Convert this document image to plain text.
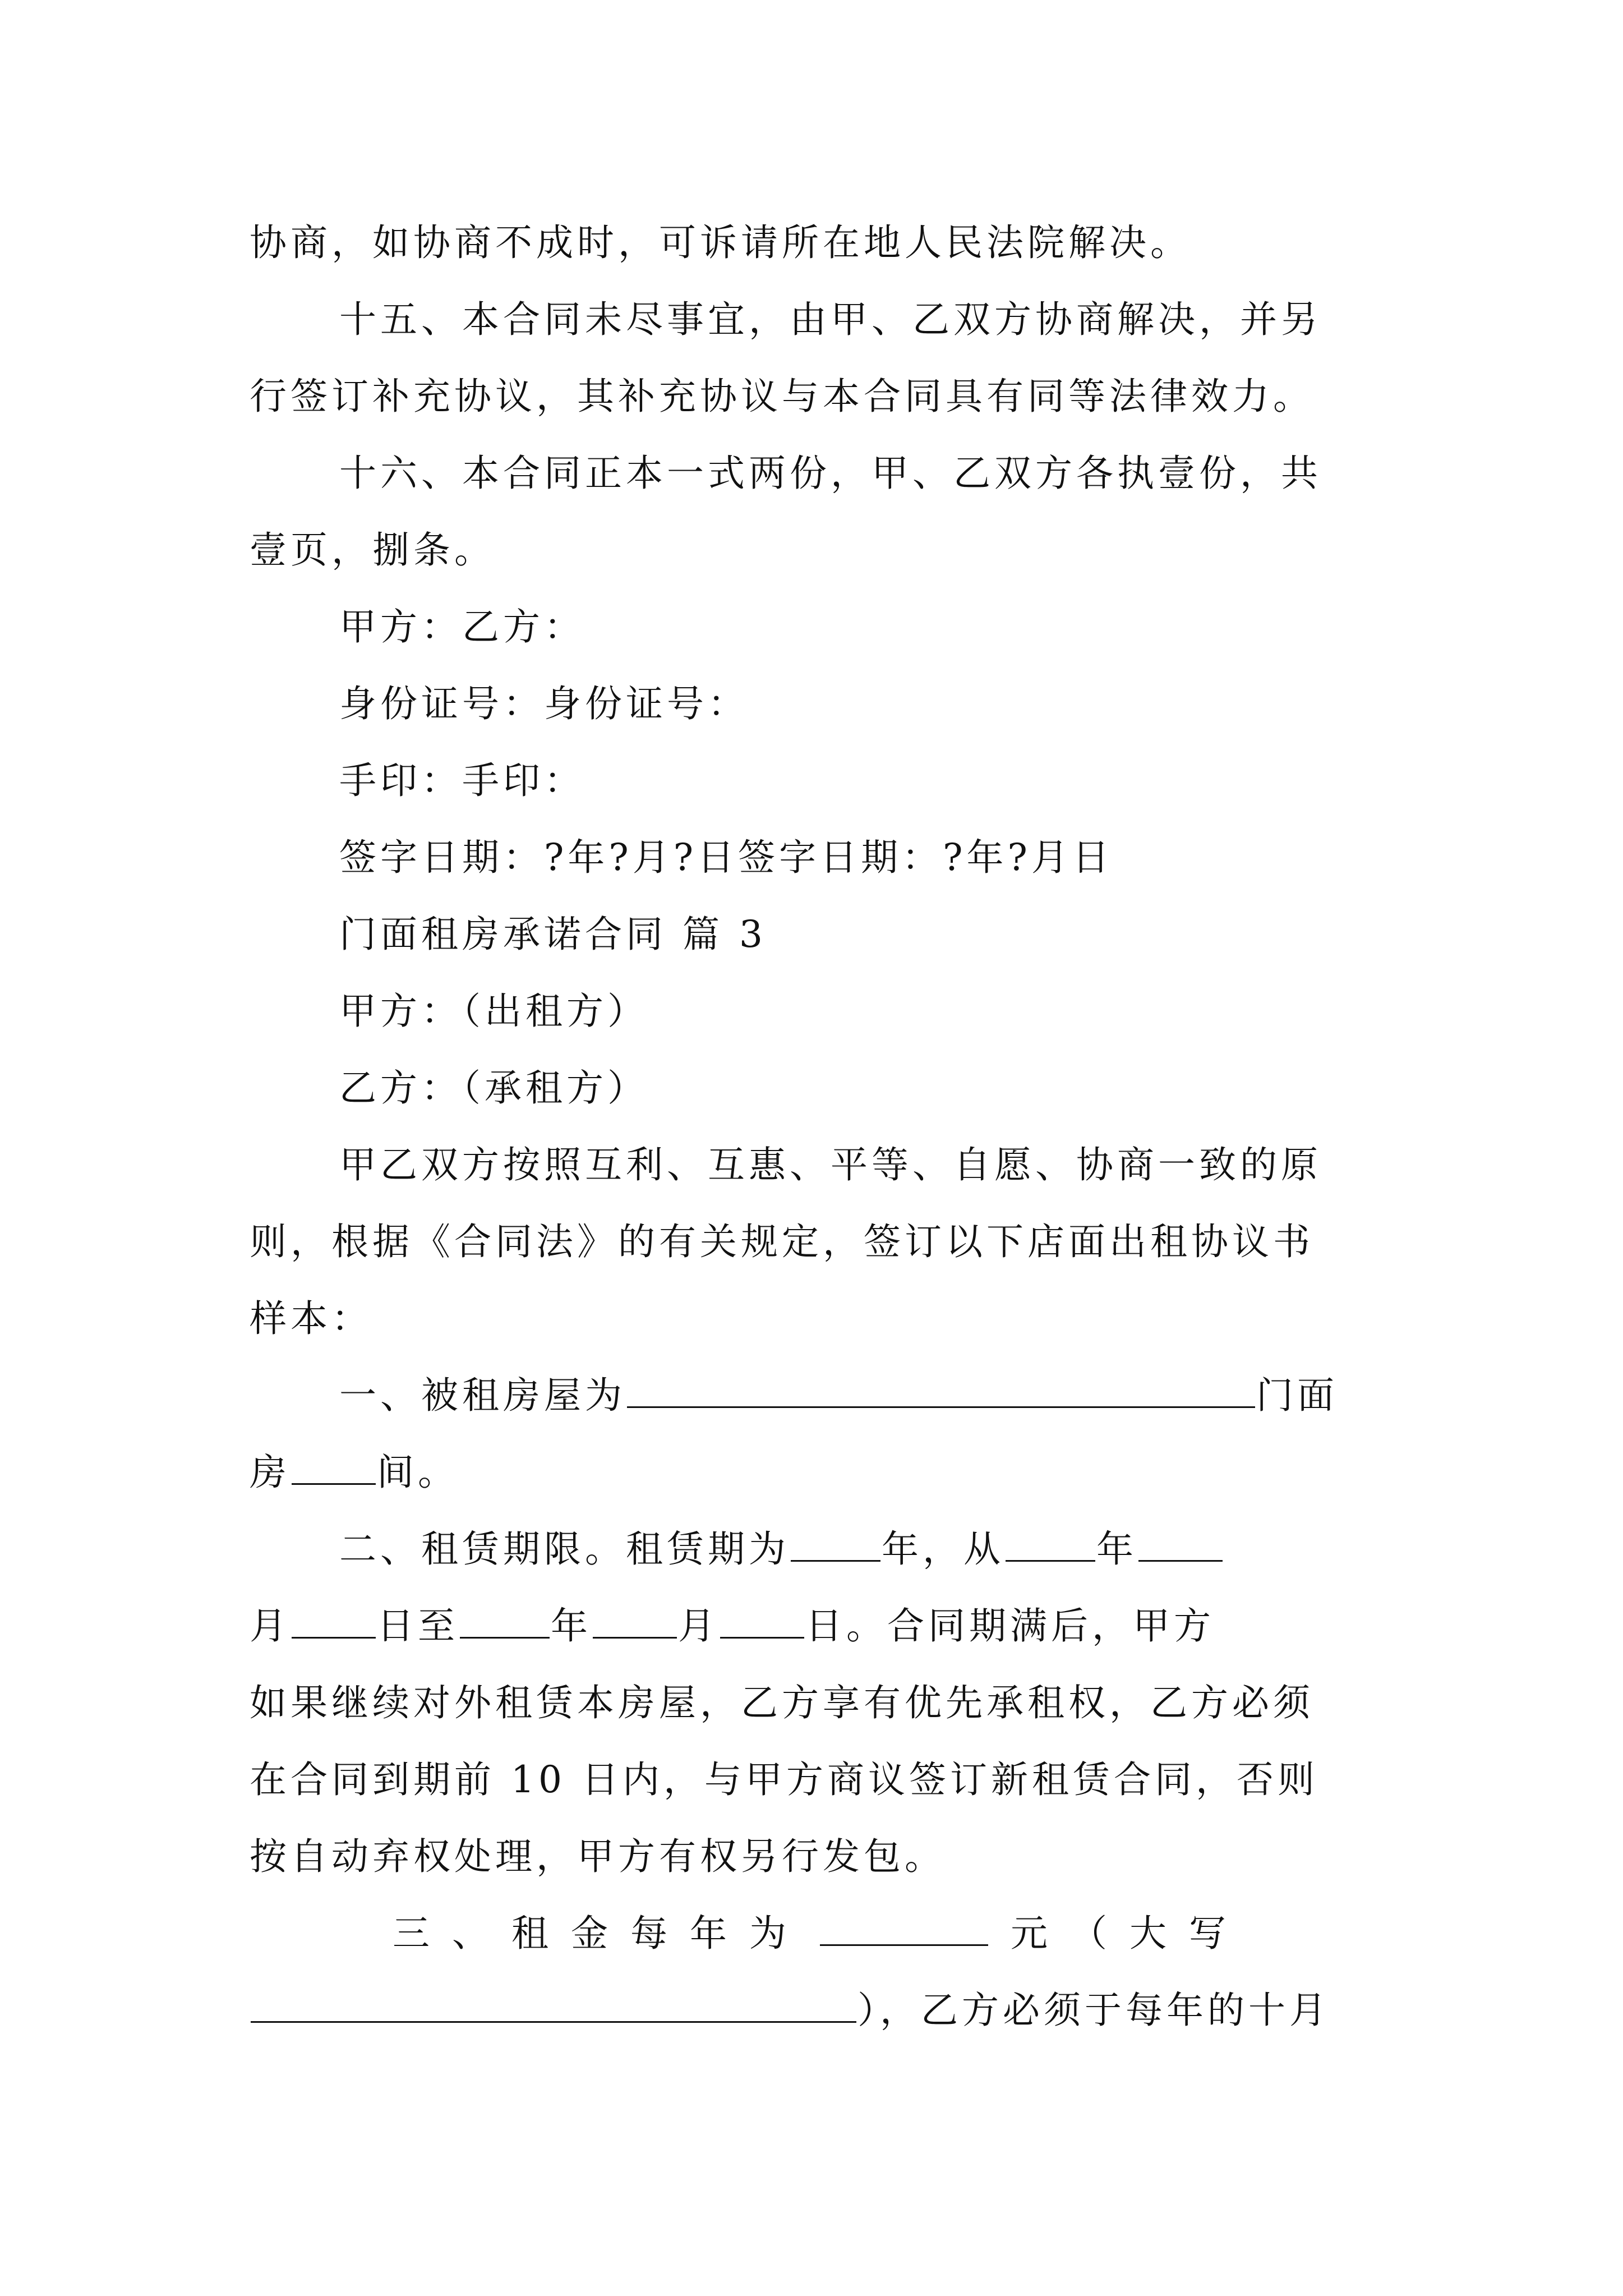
协商，如协商不成时，可诉请所在地人民法院解决。
十五、本合同未尽事宜，由甲、乙双方协商解决，并另
行签订补充协议，其补充协议与本合同具有同等法律效力。
十六、本合同正本一式两份，甲、乙双方各执壹份，共
壹页，捌条。
甲方：乙方：
身份证号：身份证号：
手印：手印：
签字日期：?年?月?日签字日期：?年?月日
门面租房承诺合同 篇 3
甲方：（出租方）
乙方：（承租方）
甲乙双方按照互利、互惠、平等、自愿、协商一致的原
则，根据《合同法》的有关规定，签订以下店面出租协议书
样本：
一、被租房屋为	门面
房 间。
二、租赁期限。租赁期为 年，从 年
月 日至 年 月 日。合同期满后，甲方
如果继续对外租赁本房屋，乙方享有优先承租权，乙方必须
在合同到期前 10 日内，与甲方商议签订新租赁合同，否则
按自动弃权处理，甲方有权另行发包。
三、租金每年为	元（大写
），乙方必须于每年的十月
